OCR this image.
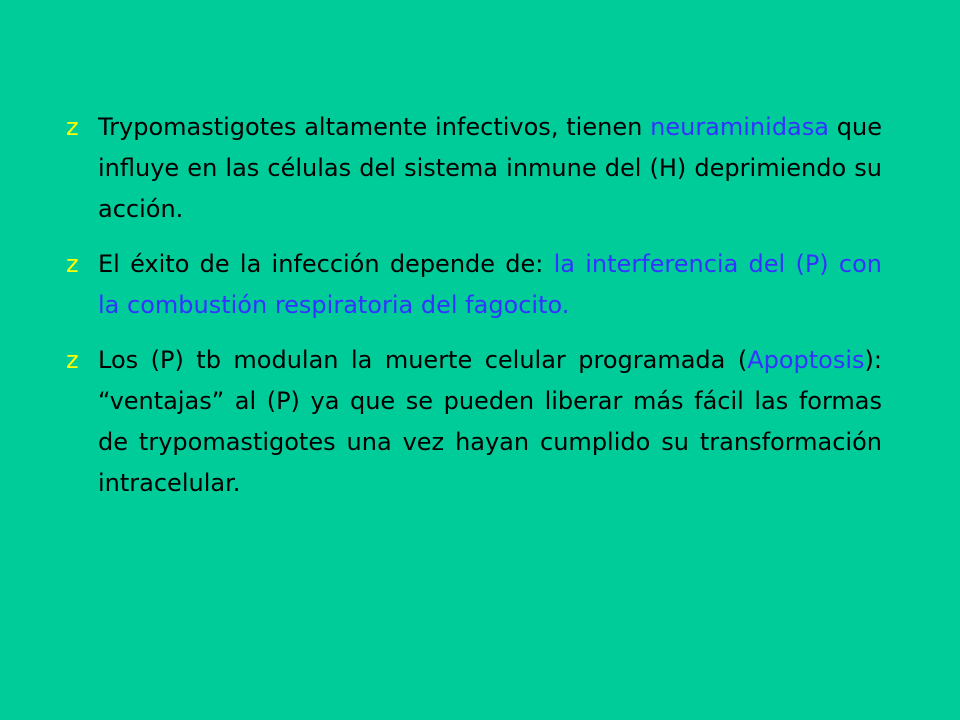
z Trypomastigotes altamente infectivos, tienen neuraminidasa que influye en las células del sistema inmune del (H) deprimiendo su acción.
z El éxito de la infección depende de: la interferencia del (P) con la combustión respiratoria del fagocito.
z Los (P) tb modulan la muerte celular programada (Apoptosis): “ventajas” al (P) ya que se pueden liberar más fácil las formas de trypomastigotes una vez hayan cumplido su transformación intracelular.
